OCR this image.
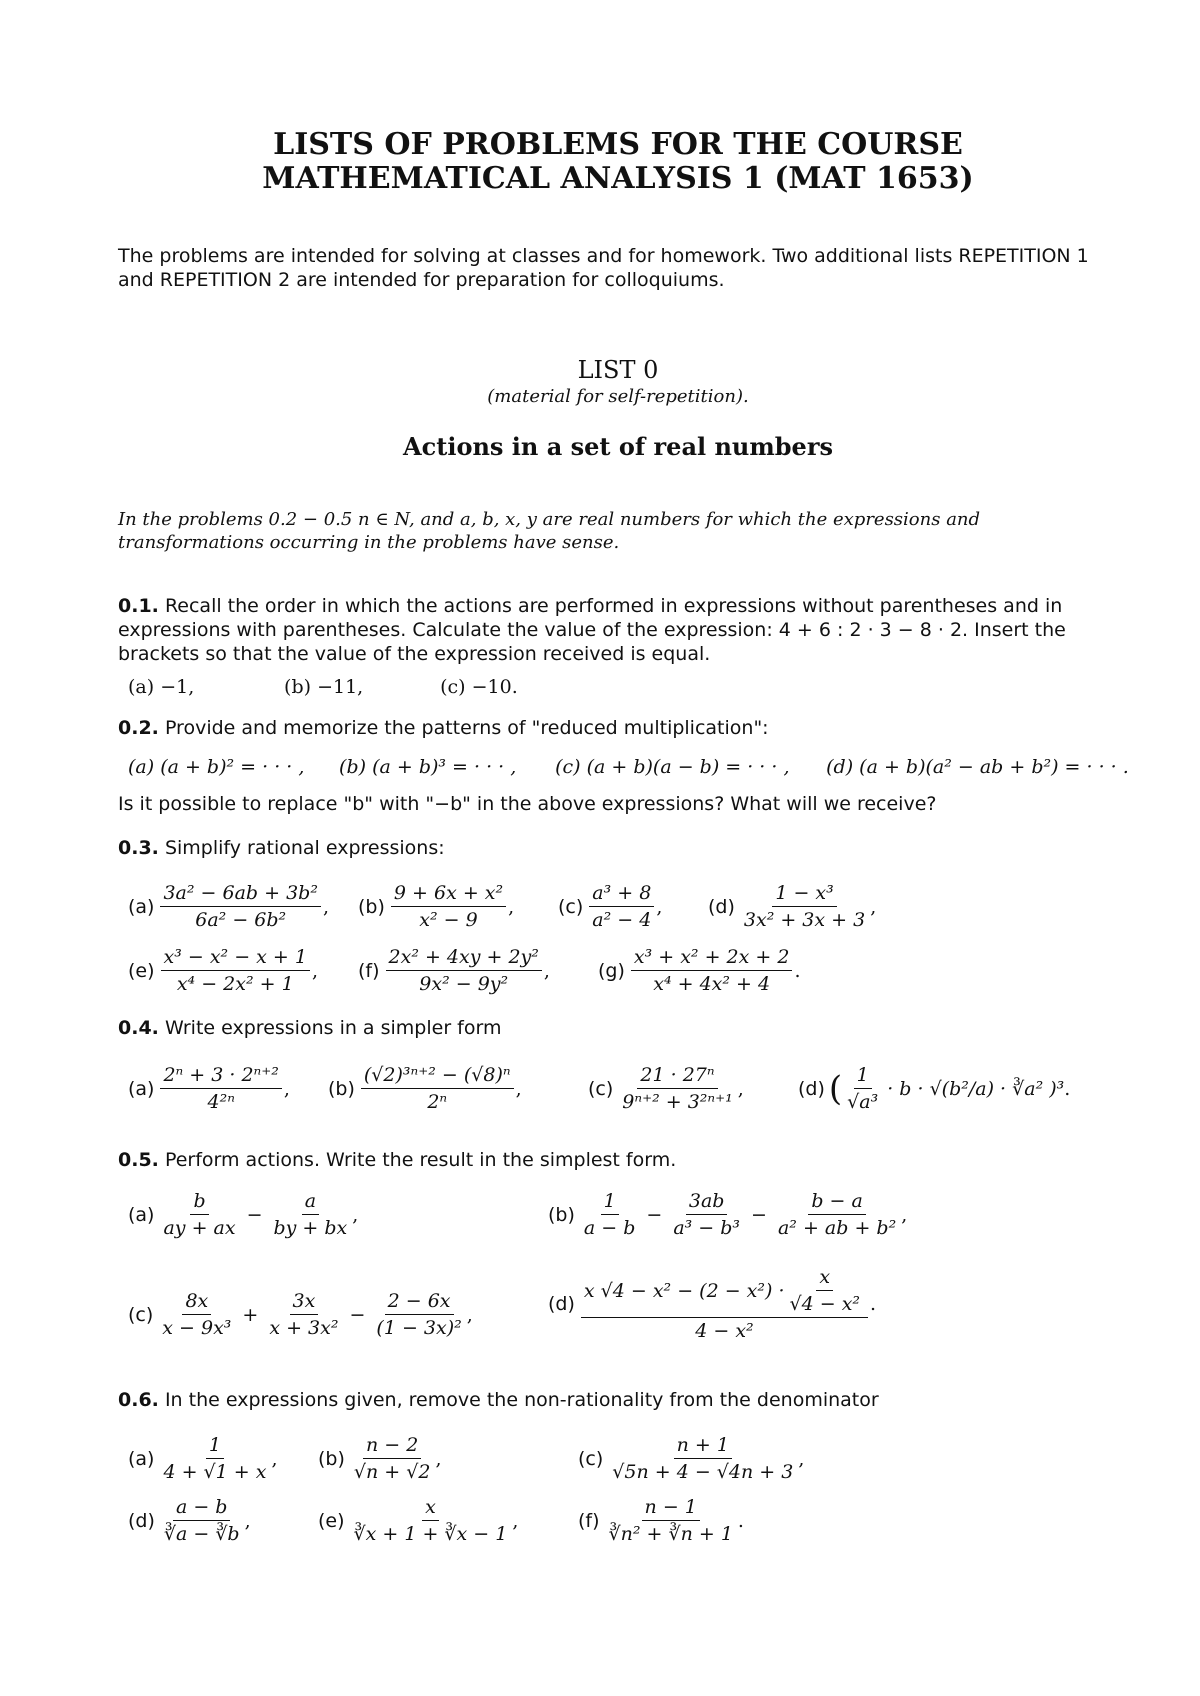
LISTS OF PROBLEMS FOR THE COURSE
MATHEMATICAL ANALYSIS 1 (MAT 1653)
The problems are intended for solving at classes and for homework. Two additional lists REPETITION 1 and REPETITION 2 are intended for preparation for colloquiums.
LIST 0
(material for self-repetition).
Actions in a set of real numbers
In the problems 0.2 − 0.5 n ∈ N, and a, b, x, y are real numbers for which the expressions and transformations occurring in the problems have sense.
0.1. Recall the order in which the actions are performed in expressions without parentheses and in expressions with parentheses. Calculate the value of the expression: 4 + 6 : 2 · 3 − 8 · 2. Insert the brackets so that the value of the expression received is equal.
(a) −1,	(b) −11,	(c) −10.
0.2. Provide and memorize the patterns of "reduced multiplication":
(a) (a + b)² = · · · , (b) (a + b)³ = · · · , (c) (a + b)(a − b) = · · · , (d) (a + b)(a² − ab + b²) = · · · .
Is it possible to replace "b" with "−b" in the above expressions? What will we receive?
0.3. Simplify rational expressions:
$(a) \frac{\text{3a² − 6ab + 3b²}}{\text{6a² − 6b²}}$ , $(b) \frac{\text{9 + 6x + x²}}{\text{x² − 9}}$ , $(c) \frac{\text{a³ + 8}}{\text{a² − 4}}$ , $(d) \frac{\text{1 − x³}}{\text{3x² + 3x + 3}}$ ,
$(e) \frac{\text{x³ − x² − x + 1}}{\text{x⁴ − 2x² + 1}}$ , $(f) \frac{\text{2x² + 4xy + 2y²}}{\text{9x² − 9y²}}$ ,	$(g) \frac{\text{x³ + x² + 2x + 2}}{\text{x⁴ + 4x² + 4}}$ .
0.4. Write expressions in a simpler form
$(a) \frac{\text{2ⁿ + 3 · 2ⁿ⁺²}}{\text{4²ⁿ}}$ , $(b) \frac{\text{(√2)³ⁿ⁺² − (√8)ⁿ}}{\text{2ⁿ}}$ ,	$(c) \frac{\text{21 · 27ⁿ}}{\text{9ⁿ⁺² + 3²ⁿ⁺¹}}$ ,	(d) ( $\frac{1}{\text{√a³}} \cdot b \cdot √(b^2/a)$ · ∛a² )³ .
0.5. Perform actions. Write the result in the simplest form.
$(a) \frac{b}{ay + ax} - \frac{a}{by + bx}$ ,	$(b) \frac{1}{a - b} - \frac{3ab}{\text{a³ − b³}} - \frac{b - a}{\text{a² + ab + b²}}$ ,
$(c) \frac{8x}{\text{x − 9x³}} + \frac{3x}{\text{x + 3x²}} - \frac{2 - 6x}{\text{(1 − 3x)²}}$ ,	$(d) \frac{x √4 - x^2 - (2 - x^2) \cdot \frac{x}{\text{√4 − x²}}}{\text{4 − x²}}$ .
0.6. In the expressions given, remove the non-rationality from the denominator
$(a) \frac{1}{4 + √1 + x}$ , $(b) \frac{n - 2}{√n + √2}$ ,	$(c) \frac{n + 1}{√5n + 4 - √4n + 3}$ ,
$(d) \frac{a - b}{∛a - ∛b}$ ,	$(e) \frac{x}{∛x + 1 + ∛x - 1}$ ,	$(f) \frac{n - 1}{\text{∛n² + ∛n + 1}}$ .
